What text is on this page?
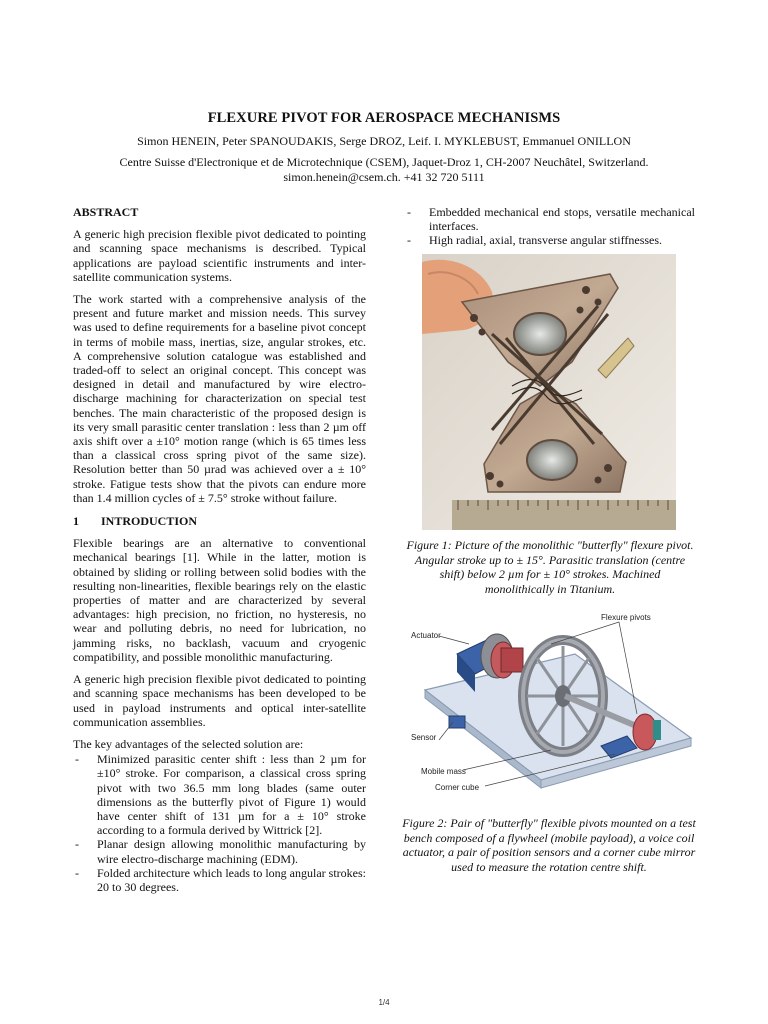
FLEXURE PIVOT FOR AEROSPACE MECHANISMS
Simon HENEIN, Peter SPANOUDAKIS, Serge DROZ, Leif. I. MYKLEBUST, Emmanuel ONILLON
Centre Suisse d'Electronique et de Microtechnique (CSEM), Jaquet-Droz 1, CH-2007 Neuchâtel, Switzerland.
simon.henein@csem.ch. +41 32 720 5111
ABSTRACT

A generic high precision flexible pivot dedicated to pointing and scanning space mechanisms is described. Typical applications are payload scientific instruments and inter-satellite communication systems.

The work started with a comprehensive analysis of the present and future market and mission needs. This survey was used to define requirements for a baseline pivot concept in terms of mobile mass, inertias, size, angular strokes, etc. A comprehensive solution catalogue was established and traded-off to select an original concept. This concept was designed in detail and manufactured by wire electro-discharge machining for characterization on special test benches. The main characteristic of the proposed design is its very small parasitic center translation : less than 2 µm off axis shift over a ±10° motion range (which is 65 times less than a classical cross spring pivot of the same size). Resolution better than 50 µrad was achieved over a ± 10° stroke. Fatigue tests show that the pivots can endure more than 1.4 million cycles of ± 7.5° stroke without failure.

1 INTRODUCTION

Flexible bearings are an alternative to conventional mechanical bearings [1]. While in the latter, motion is obtained by sliding or rolling between solid bodies with the resulting non-linearities, flexible bearings rely on the elastic properties of matter and are characterized by several advantages: high precision, no friction, no hysteresis, no wear and polluting debris, no need for lubrication, no jamming risks, no backlash, vacuum and cryogenic compatibility, and possible monolithic manufacturing.

A generic high precision flexible pivot dedicated to pointing and scanning space mechanisms has been developed to be used in payload instruments and optical inter-satellite communication assemblies.

The key advantages of the selected solution are:

- Minimized parasitic center shift : less than 2 µm for ±10° stroke. For comparison, a classical cross spring pivot with two 36.5 mm long blades (same outer dimensions as the butterfly pivot of Figure 1) would have center shift of 131 µm for a ± 10° stroke according to a formula derived by Wittrick [2].
- Planar design allowing monolithic manufacturing by wire electro-discharge machining (EDM).
- Folded architecture which leads to long angular strokes: 20 to 30 degrees.
- Embedded mechanical end stops, versatile mechanical interfaces.
- High radial, axial, transverse angular stiffnesses.
Figure 1: Picture of the monolithic "butterfly" flexure pivot. Angular stroke up to ± 15°. Parasitic translation (centre shift) below 2 µm for ± 10° strokes. Machined monolithically in Titanium.
Actuator
Flexure pivots
Sensor
Mobile mass
Corner cube
Figure 2: Pair of "butterfly" flexible pivots mounted on a test bench composed of a flywheel (mobile payload), a voice coil actuator, a pair of position sensors and a corner cube mirror used to measure the rotation centre shift.
1/4
